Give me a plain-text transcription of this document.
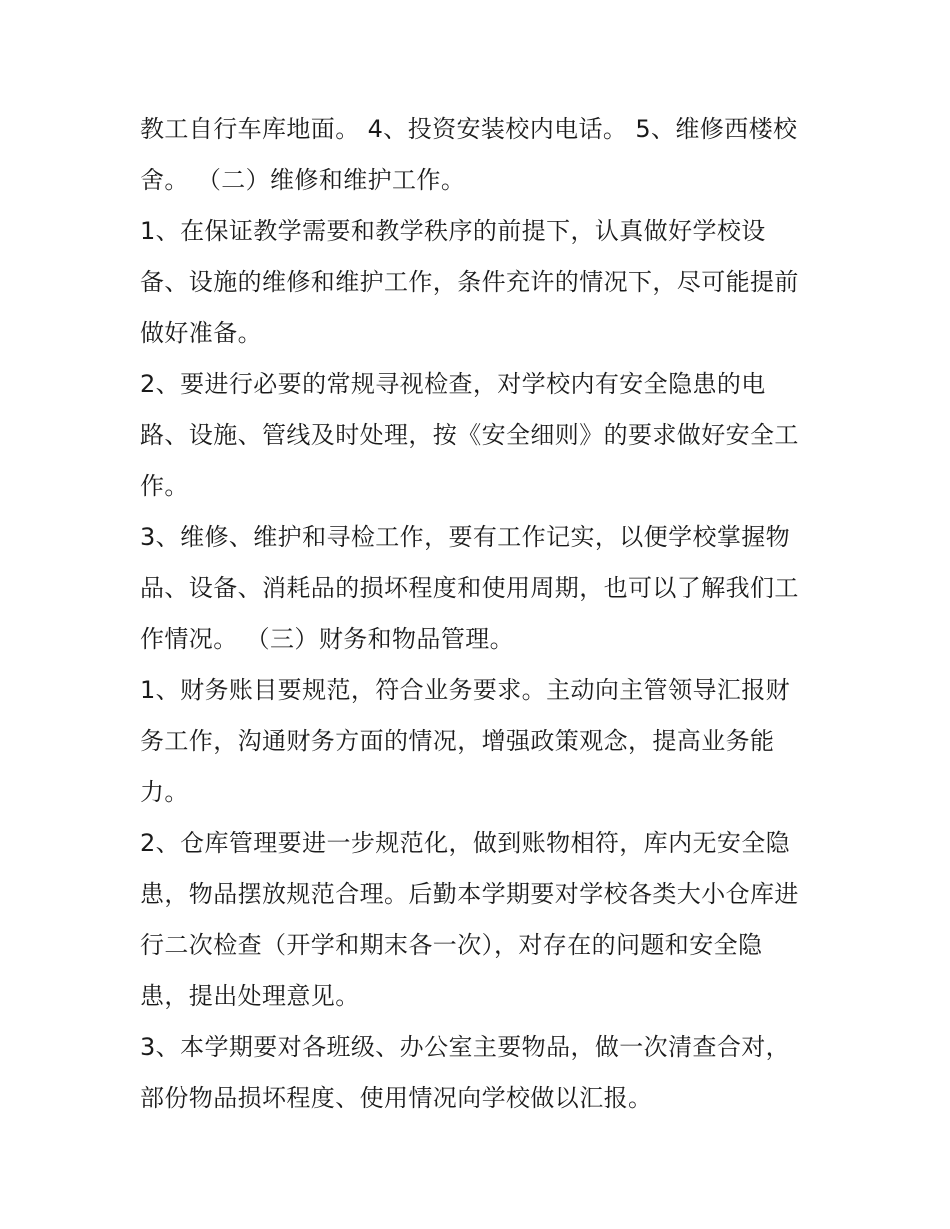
教工自行车库地面。 4、投资安装校内电话。 5、维修西楼校
舍。 （二）维修和维护工作。
1、在保证教学需要和教学秩序的前提下，认真做好学校设
备、设施的维修和维护工作，条件充许的情况下，尽可能提前
做好准备。
2、要进行必要的常规寻视检查，对学校内有安全隐患的电
路、设施、管线及时处理，按《安全细则》的要求做好安全工
作。
3、维修、维护和寻检工作，要有工作记实，以便学校掌握物
品、设备、消耗品的损坏程度和使用周期，也可以了解我们工
作情况。 （三）财务和物品管理。
1、财务账目要规范，符合业务要求。主动向主管领导汇报财
务工作，沟通财务方面的情况，增强政策观念，提高业务能
力。
2、仓库管理要进一步规范化，做到账物相符，库内无安全隐
患，物品摆放规范合理。后勤本学期要对学校各类大小仓库进
行二次检查（开学和期末各一次），对存在的问题和安全隐
患，提出处理意见。
3、本学期要对各班级、办公室主要物品，做一次清查合对，
部份物品损坏程度、使用情况向学校做以汇报。
